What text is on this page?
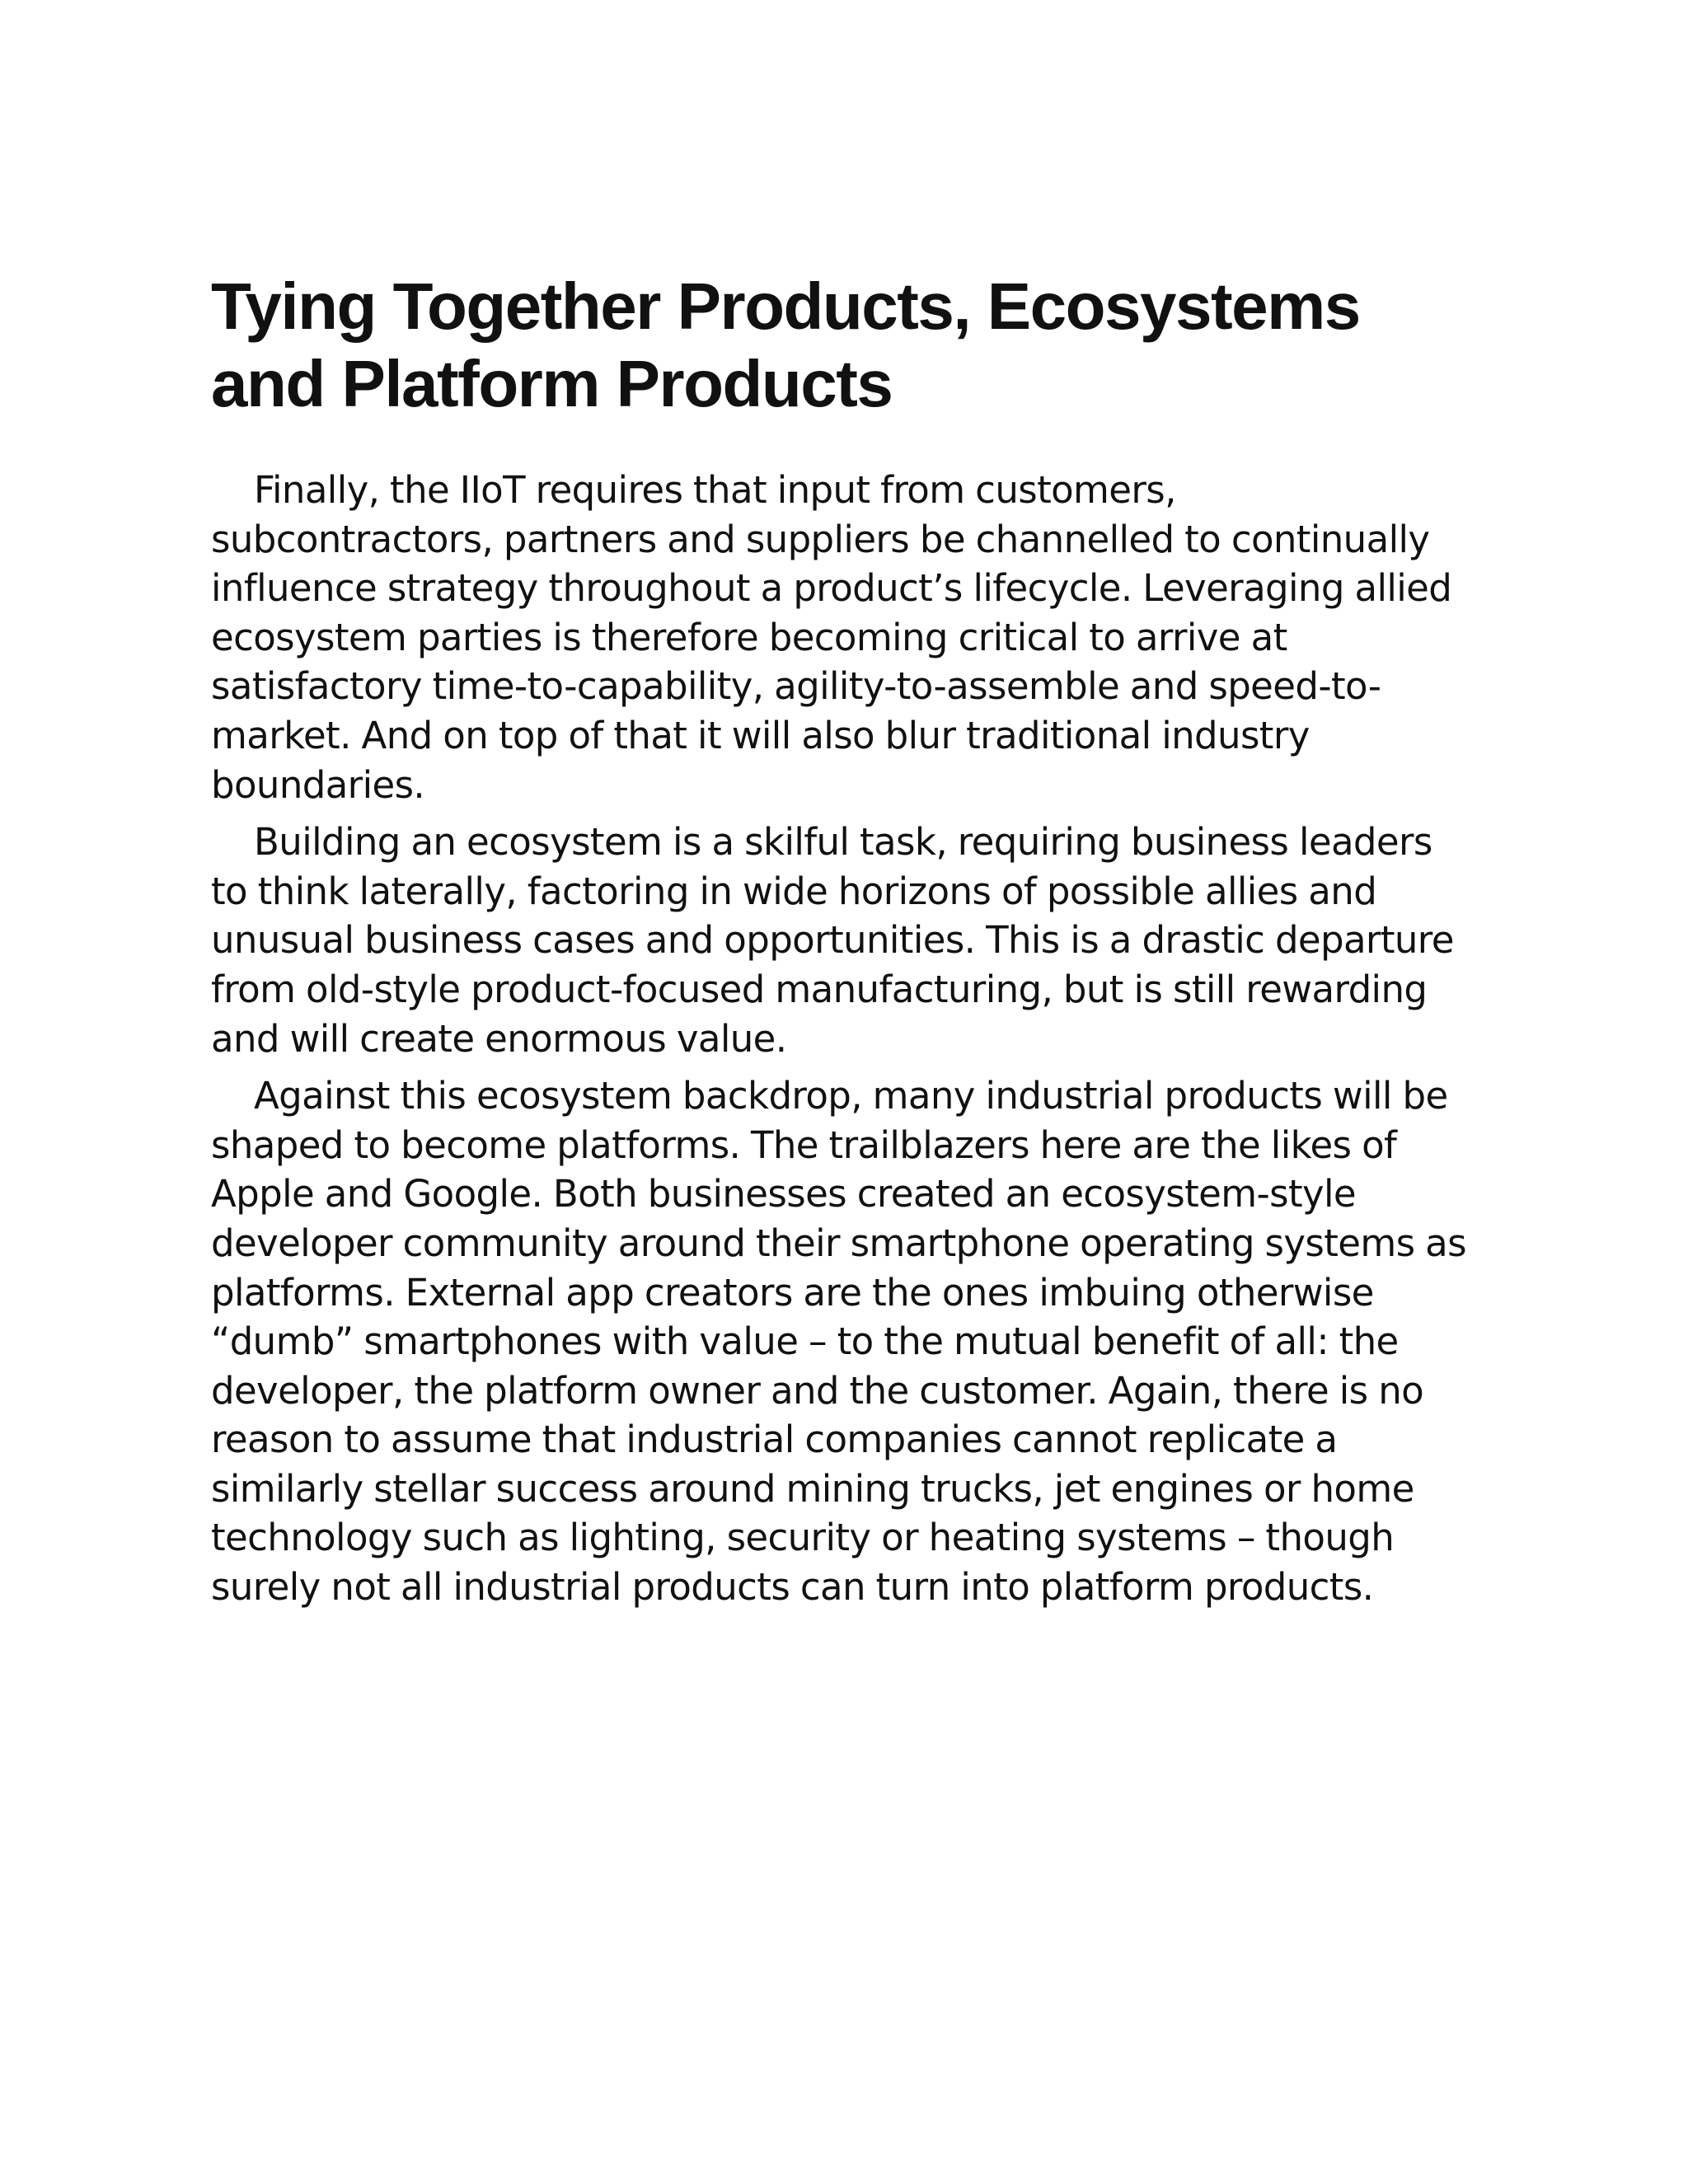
Tying Together Products, Ecosystems
and Platform Products

Finally, the IIoT requires that input from customers,
subcontractors, partners and suppliers be channelled to continually
influence strategy throughout a product’s lifecycle. Leveraging allied
ecosystem parties is therefore becoming critical to arrive at
satisfactory time-to-capability, agility-to-assemble and speed-to-
market. And on top of that it will also blur traditional industry
boundaries.

Building an ecosystem is a skilful task, requiring business leaders
to think laterally, factoring in wide horizons of possible allies and
unusual business cases and opportunities. This is a drastic departure
from old-style product-focused manufacturing, but is still rewarding
and will create enormous value.

Against this ecosystem backdrop, many industrial products will be
shaped to become platforms. The trailblazers here are the likes of
Apple and Google. Both businesses created an ecosystem-style
developer community around their smartphone operating systems as
platforms. External app creators are the ones imbuing otherwise
“dumb” smartphones with value – to the mutual benefit of all: the
developer, the platform owner and the customer. Again, there is no
reason to assume that industrial companies cannot replicate a
similarly stellar success around mining trucks, jet engines or home
technology such as lighting, security or heating systems – though
surely not all industrial products can turn into platform products.
